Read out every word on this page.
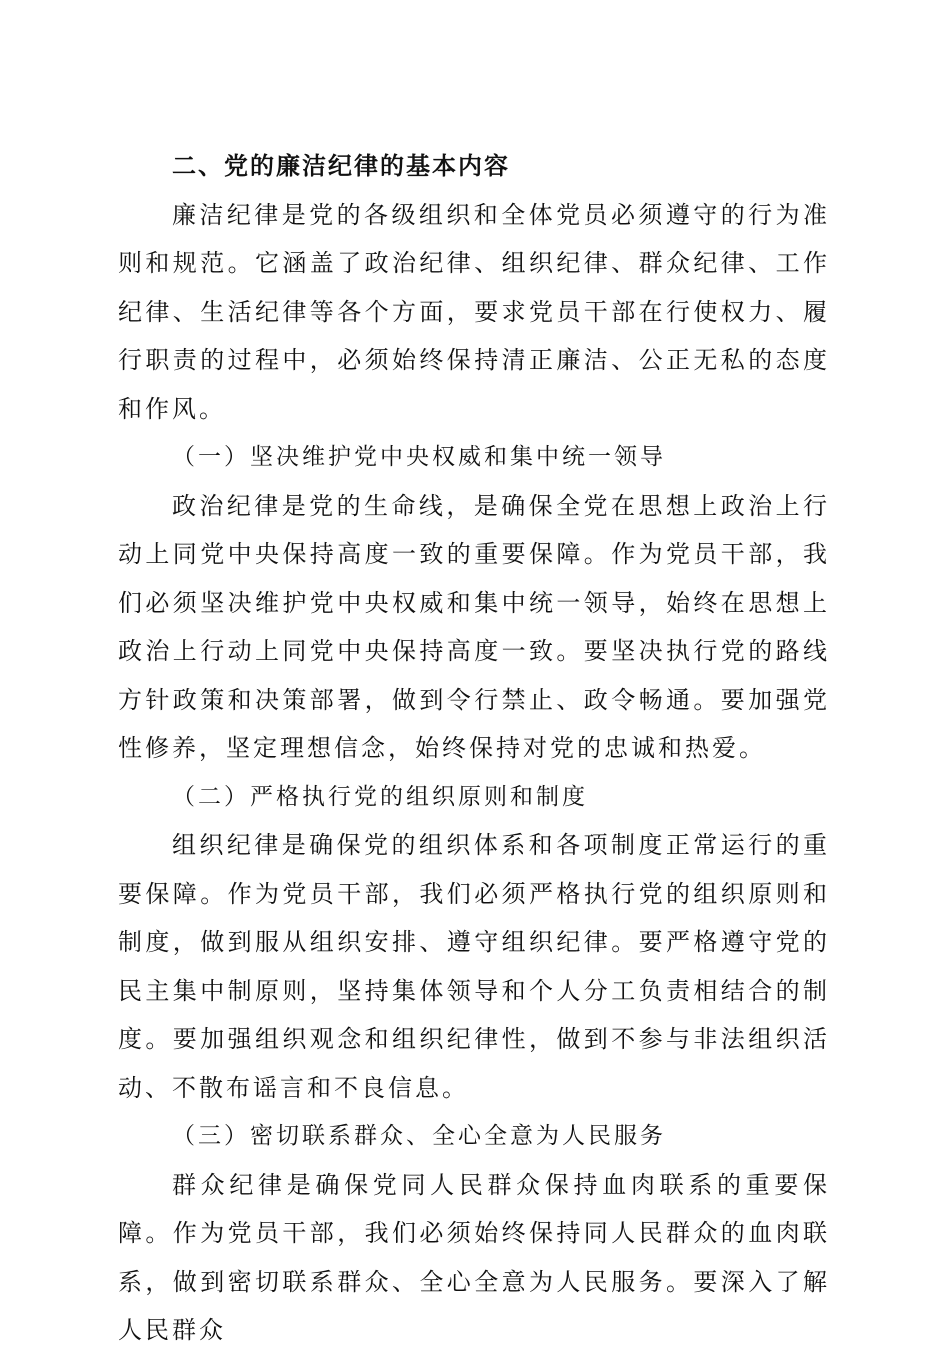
二、党的廉洁纪律的基本内容

廉洁纪律是党的各级组织和全体党员必须遵守的行为准则和规范。它涵盖了政治纪律、组织纪律、群众纪律、工作纪律、生活纪律等各个方面，要求党员干部在行使权力、履行职责的过程中，必须始终保持清正廉洁、公正无私的态度和作风。

（一）坚决维护党中央权威和集中统一领导

政治纪律是党的生命线，是确保全党在思想上政治上行动上同党中央保持高度一致的重要保障。作为党员干部，我们必须坚决维护党中央权威和集中统一领导，始终在思想上政治上行动上同党中央保持高度一致。要坚决执行党的路线方针政策和决策部署，做到令行禁止、政令畅通。要加强党性修养，坚定理想信念，始终保持对党的忠诚和热爱。

（二）严格执行党的组织原则和制度

组织纪律是确保党的组织体系和各项制度正常运行的重要保障。作为党员干部，我们必须严格执行党的组织原则和制度，做到服从组织安排、遵守组织纪律。要严格遵守党的民主集中制原则，坚持集体领导和个人分工负责相结合的制度。要加强组织观念和组织纪律性，做到不参与非法组织活动、不散布谣言和不良信息。

（三）密切联系群众、全心全意为人民服务

群众纪律是确保党同人民群众保持血肉联系的重要保障。作为党员干部，我们必须始终保持同人民群众的血肉联系，做到密切联系群众、全心全意为人民服务。要深入了解人民群众
